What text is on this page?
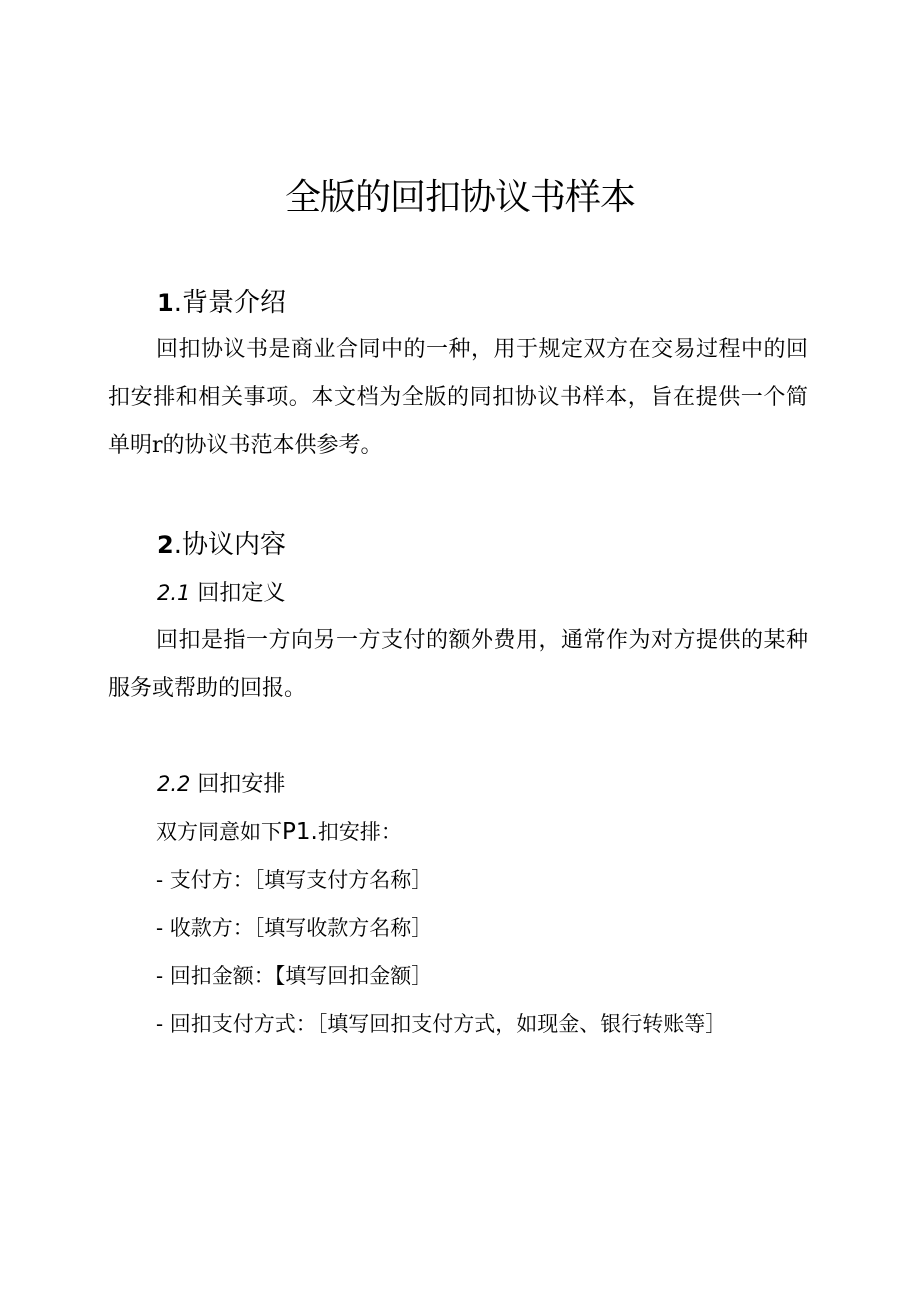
全版的回扣协议书样本
1.背景介绍

回扣协议书是商业合同中的一种，用于规定双方在交易过程中的回扣安排和相关事项。本文档为全版的同扣协议书样本，旨在提供一个简单明r的协议书范本供参考。

2.协议内容
2.1 回扣定义

回扣是指一方向另一方支付的额外费用，通常作为对方提供的某种服务或帮助的回报。

2.2 回扣安排

双方同意如下P1.扣安排：

- 支付方：［填写支付方名称］

- 收款方：［填写收款方名称］

- 回扣金额：【填写回扣金额］

- 回扣支付方式：［填写回扣支付方式，如现金、银行转账等］
